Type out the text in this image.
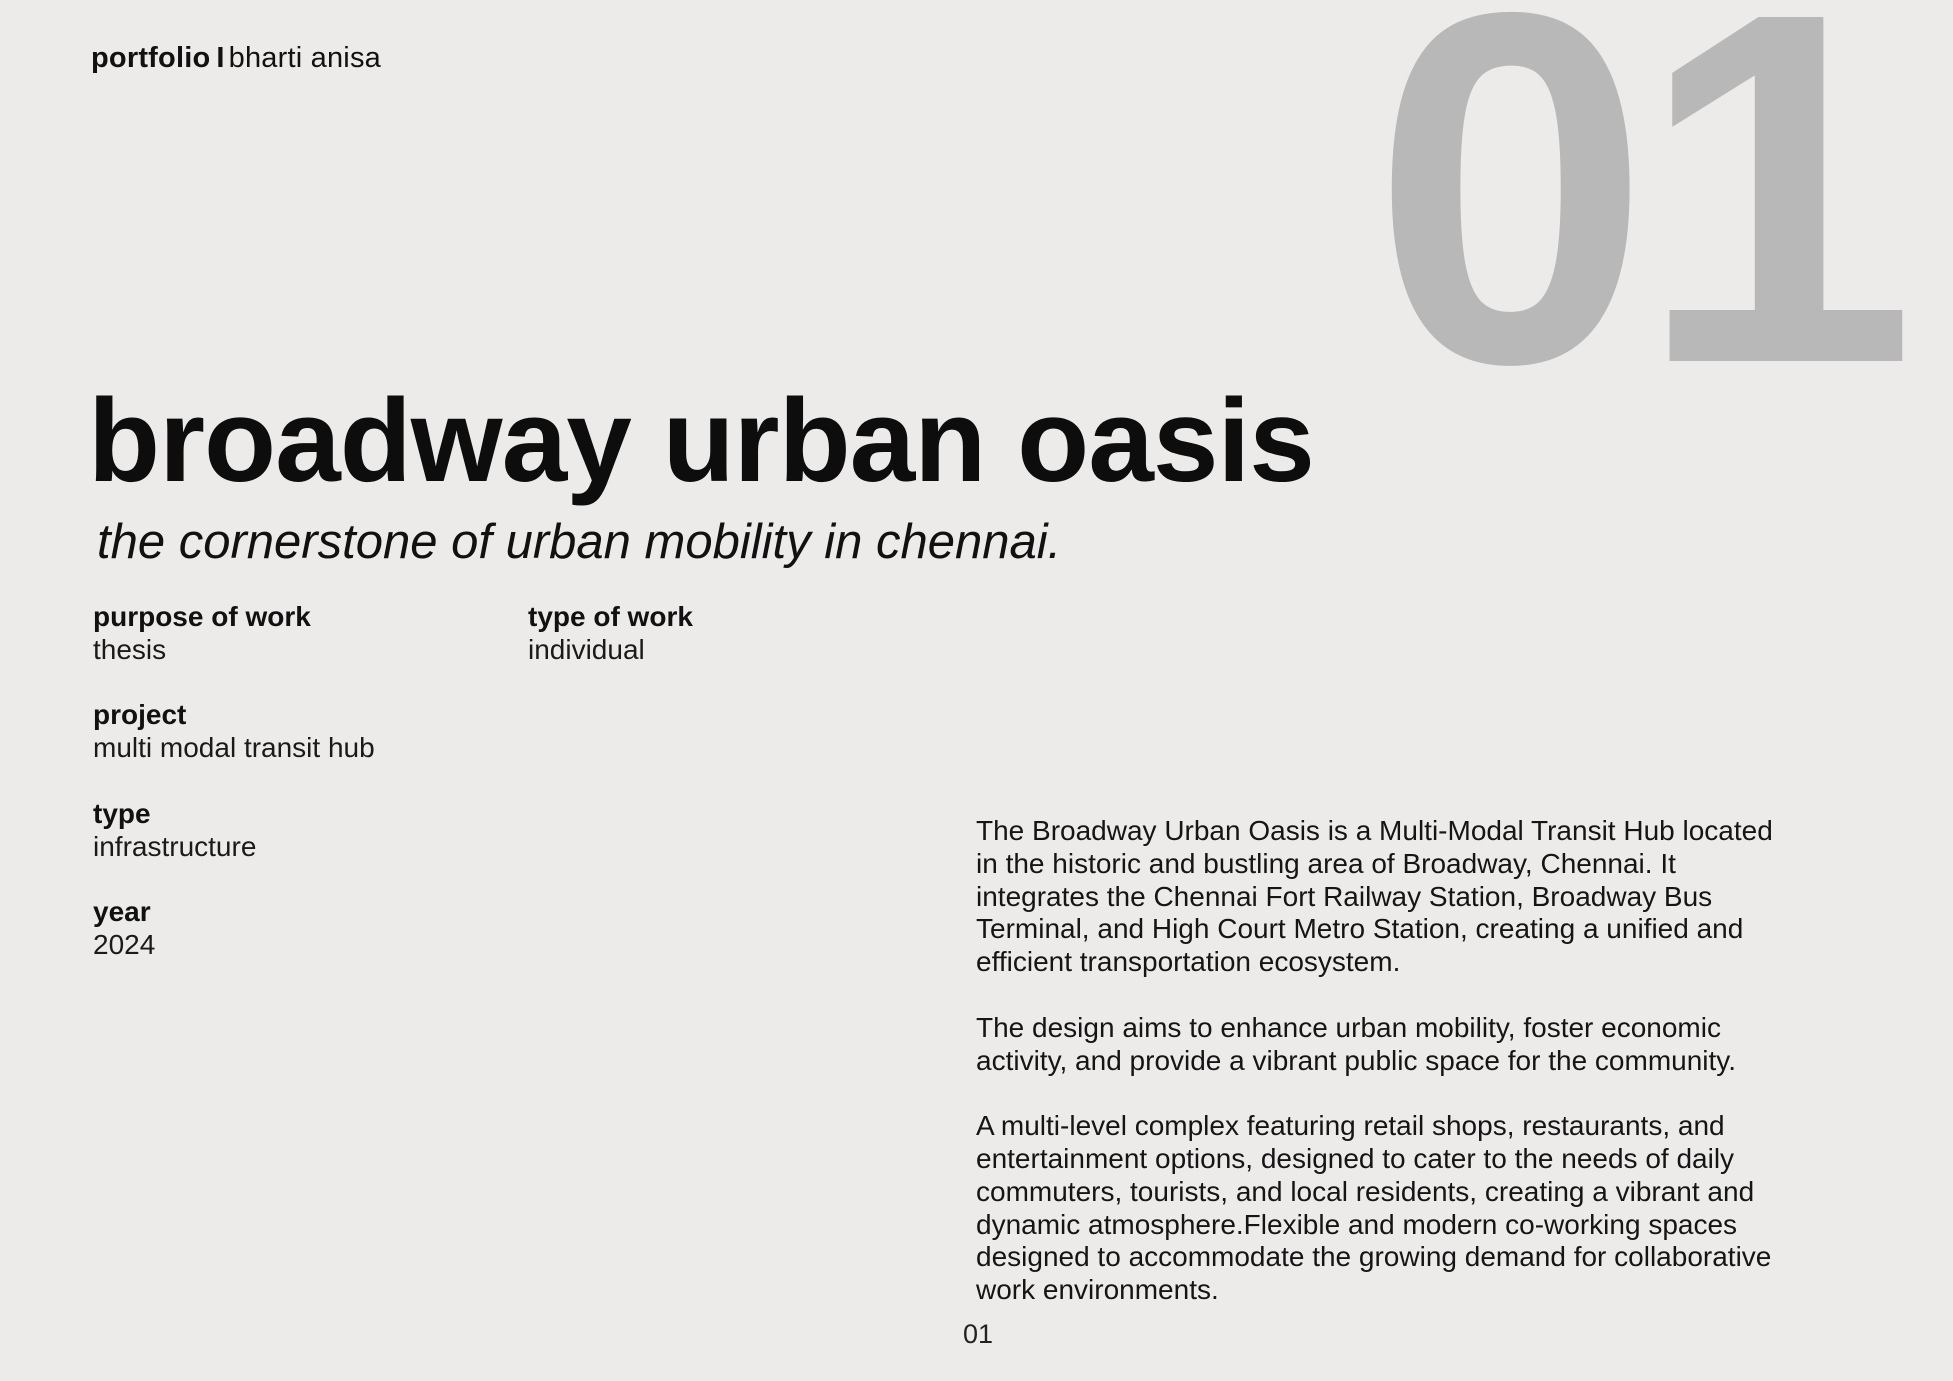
portfolio I bharti anisa 01
broadway urban oasis
the cornerstone of urban mobility in chennai.
purpose of work
thesis
type of work
individual
project
multi modal transit hub
type
infrastructure
year
2024

The Broadway Urban Oasis is a Multi-Modal Transit Hub located
in the historic and bustling area of Broadway, Chennai. It
integrates the Chennai Fort Railway Station, Broadway Bus
Terminal, and High Court Metro Station, creating a unified and
efficient transportation ecosystem.

The design aims to enhance urban mobility, foster economic
activity, and provide a vibrant public space for the community.

A multi-level complex featuring retail shops, restaurants, and
entertainment options, designed to cater to the needs of daily
commuters, tourists, and local residents, creating a vibrant and
dynamic atmosphere.Flexible and modern co-working spaces
designed to accommodate the growing demand for collaborative
work environments.

01
